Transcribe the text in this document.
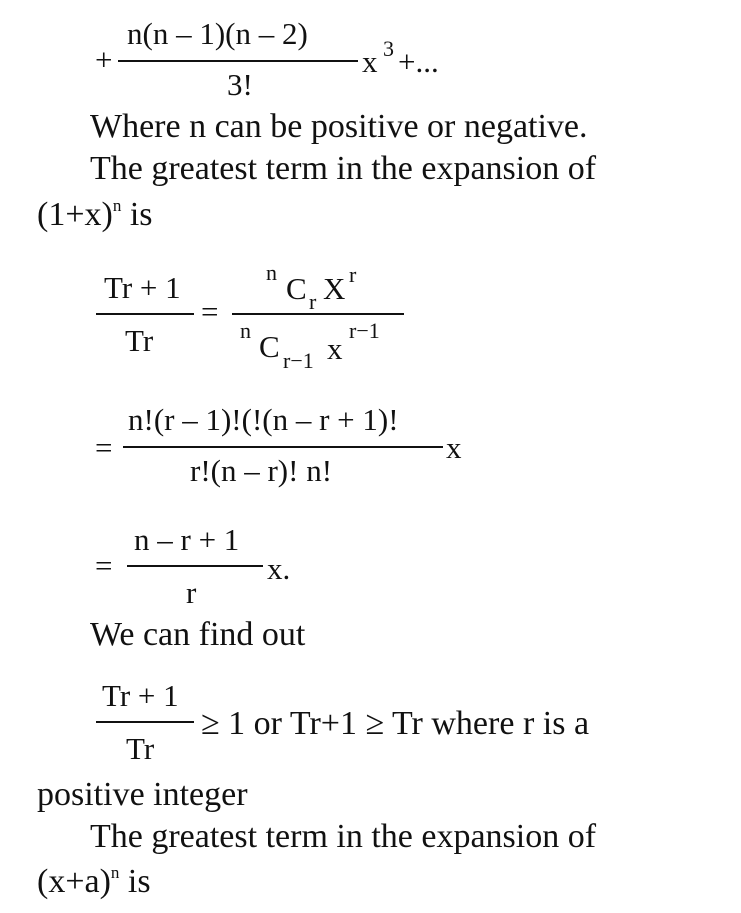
+
n(n – 1)(n – 2)
3!
x 3 +...
Where n can be positive or negative.
The greatest term in the expansion of
$(1+x)^n$ is
Tr + 1
Tr
=
n C r X r
n C r−1 x
r−1
=
n!(r – 1)!(!(n – r + 1)!
r!(n – r)! n!
x
=
n – r + 1
r
x.
We can find out
Tr + 1
Tr
≥ 1 or Tr+1 ≥ Tr where r is a
positive integer
The greatest term in the expansion of
$(x+a)^n$ is
